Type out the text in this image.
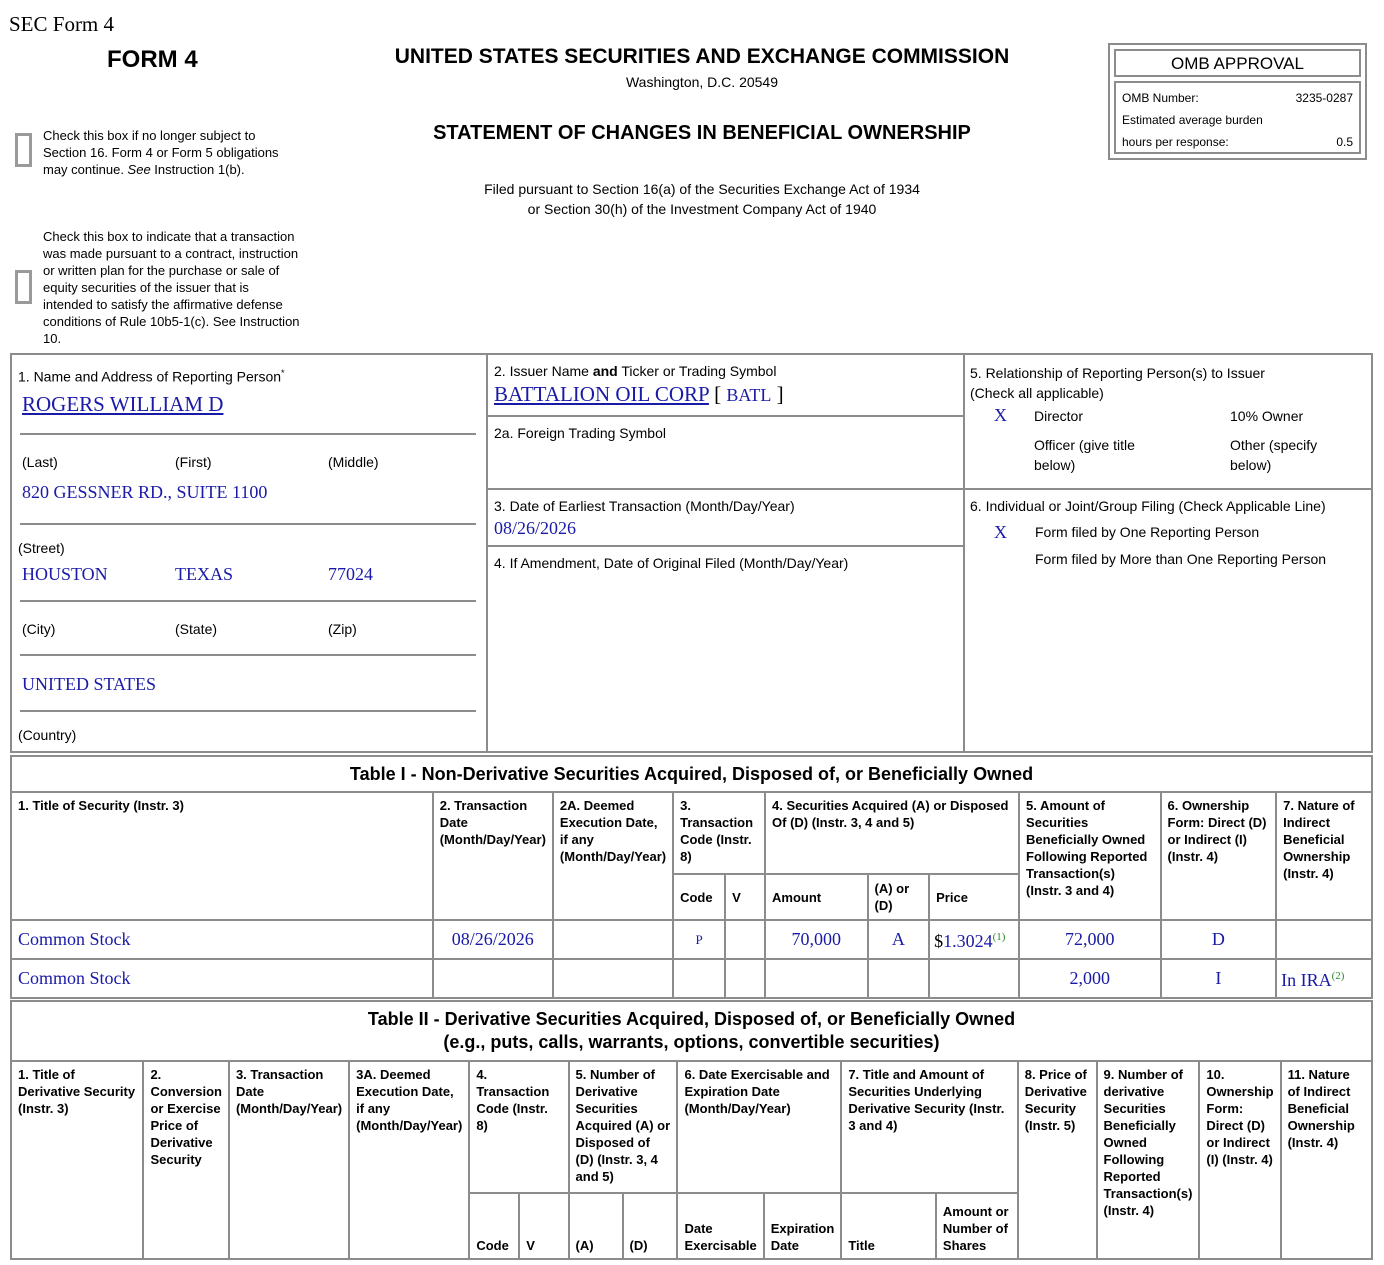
SEC Form 4
FORM 4	UNITED STATES SECURITIES AND EXCHANGE COMMISSION
Washington, D.C. 20549
STATEMENT OF CHANGES IN BENEFICIAL OWNERSHIP
Filed pursuant to Section 16(a) of the Securities Exchange Act of 1934
or Section 30(h) of the Investment Company Act of 1940
Check this box if no longer subject to Section 16. Form 4 or Form 5 obligations may continue. See Instruction 1(b).
Check this box to indicate that a transaction was made pursuant to a contract, instruction or written plan for the purchase or sale of equity securities of the issuer that is intended to satisfy the affirmative defense conditions of Rule 10b5-1(c). See Instruction 10.
OMB APPROVAL
OMB Number:	3235-0287
Estimated average burden
hours per response:	0.5
1. Name and Address of Reporting Person*
ROGERS WILLIAM D
(Last)	(First)	(Middle)
820 GESSNER RD., SUITE 1100
(Street)
HOUSTON	TEXAS	77024
(City)	(State)	(Zip)
UNITED STATES
(Country)
2. Issuer Name and Ticker or Trading Symbol
BATTALION OIL CORP [ BATL ]
2a. Foreign Trading Symbol
3. Date of Earliest Transaction (Month/Day/Year)
08/26/2026
4. If Amendment, Date of Original Filed (Month/Day/Year)
5. Relationship of Reporting Person(s) to Issuer
(Check all applicable)
X Director	10% Owner
Officer (give title below)
Other (specify below)
6. Individual or Joint/Group Filing (Check Applicable Line)
X Form filed by One Reporting Person
Form filed by More than One Reporting Person
Table I - Non-Derivative Securities Acquired, Disposed of, or Beneficially Owned										
1. Title of Security (Instr. 3)	2. Transaction Date (Month/Day/Year)	2A. Deemed Execution Date, if any (Month/Day/Year)	3. Transaction Code (Instr. 8)		4. Securities Acquired (A) or Disposed Of (D) (Instr. 3, 4 and 5)			5. Amount of Securities Beneficially Owned Following Reported Transaction(s) (Instr. 3 and 4)	6. Ownership Form: Direct (D) or Indirect (I) (Instr. 4)	7. Nature of Indirect Beneficial Ownership (Instr. 4)
			Code	V	Amount	(A) or (D)	Price			
Common Stock	08/26/2026		P		70,000	A	$1.3024$^{(1)}$	72,000	D	
Common Stock								2,000	I	In IRA$^{(2)}$
Table II - Derivative Securities Acquired, Disposed of, or Beneficially Owned
(e.g., puts, calls, warrants, options, convertible securities)															

1. Title of Derivative Security (Instr. 3)	2. Conversion or Exercise Price of Derivative Security	3. Transaction Date (Month/Day/Year)	3A. Deemed Execution Date, if any (Month/Day/Year)	4. Transaction Code (Instr. 8)		5. Number of Derivative Securities Acquired (A) or Disposed of (D) (Instr. 3, 4 and 5)		6. Date Exercisable and Expiration Date (Month/Day/Year)		7. Title and Amount of Securities Underlying Derivative Security (Instr. 3 and 4)		8. Price of Derivative Security (Instr. 5)	9. Number of derivative Securities Beneficially Owned Following Reported Transaction(s) (Instr. 4)	10. Ownership Form: Direct (D) or Indirect (I) (Instr. 4)	11. Nature of Indirect Beneficial Ownership (Instr. 4)
				Code	V	(A)	(D)	Date Exercisable	Expiration Date	Title	Amount or Number of Shares				
